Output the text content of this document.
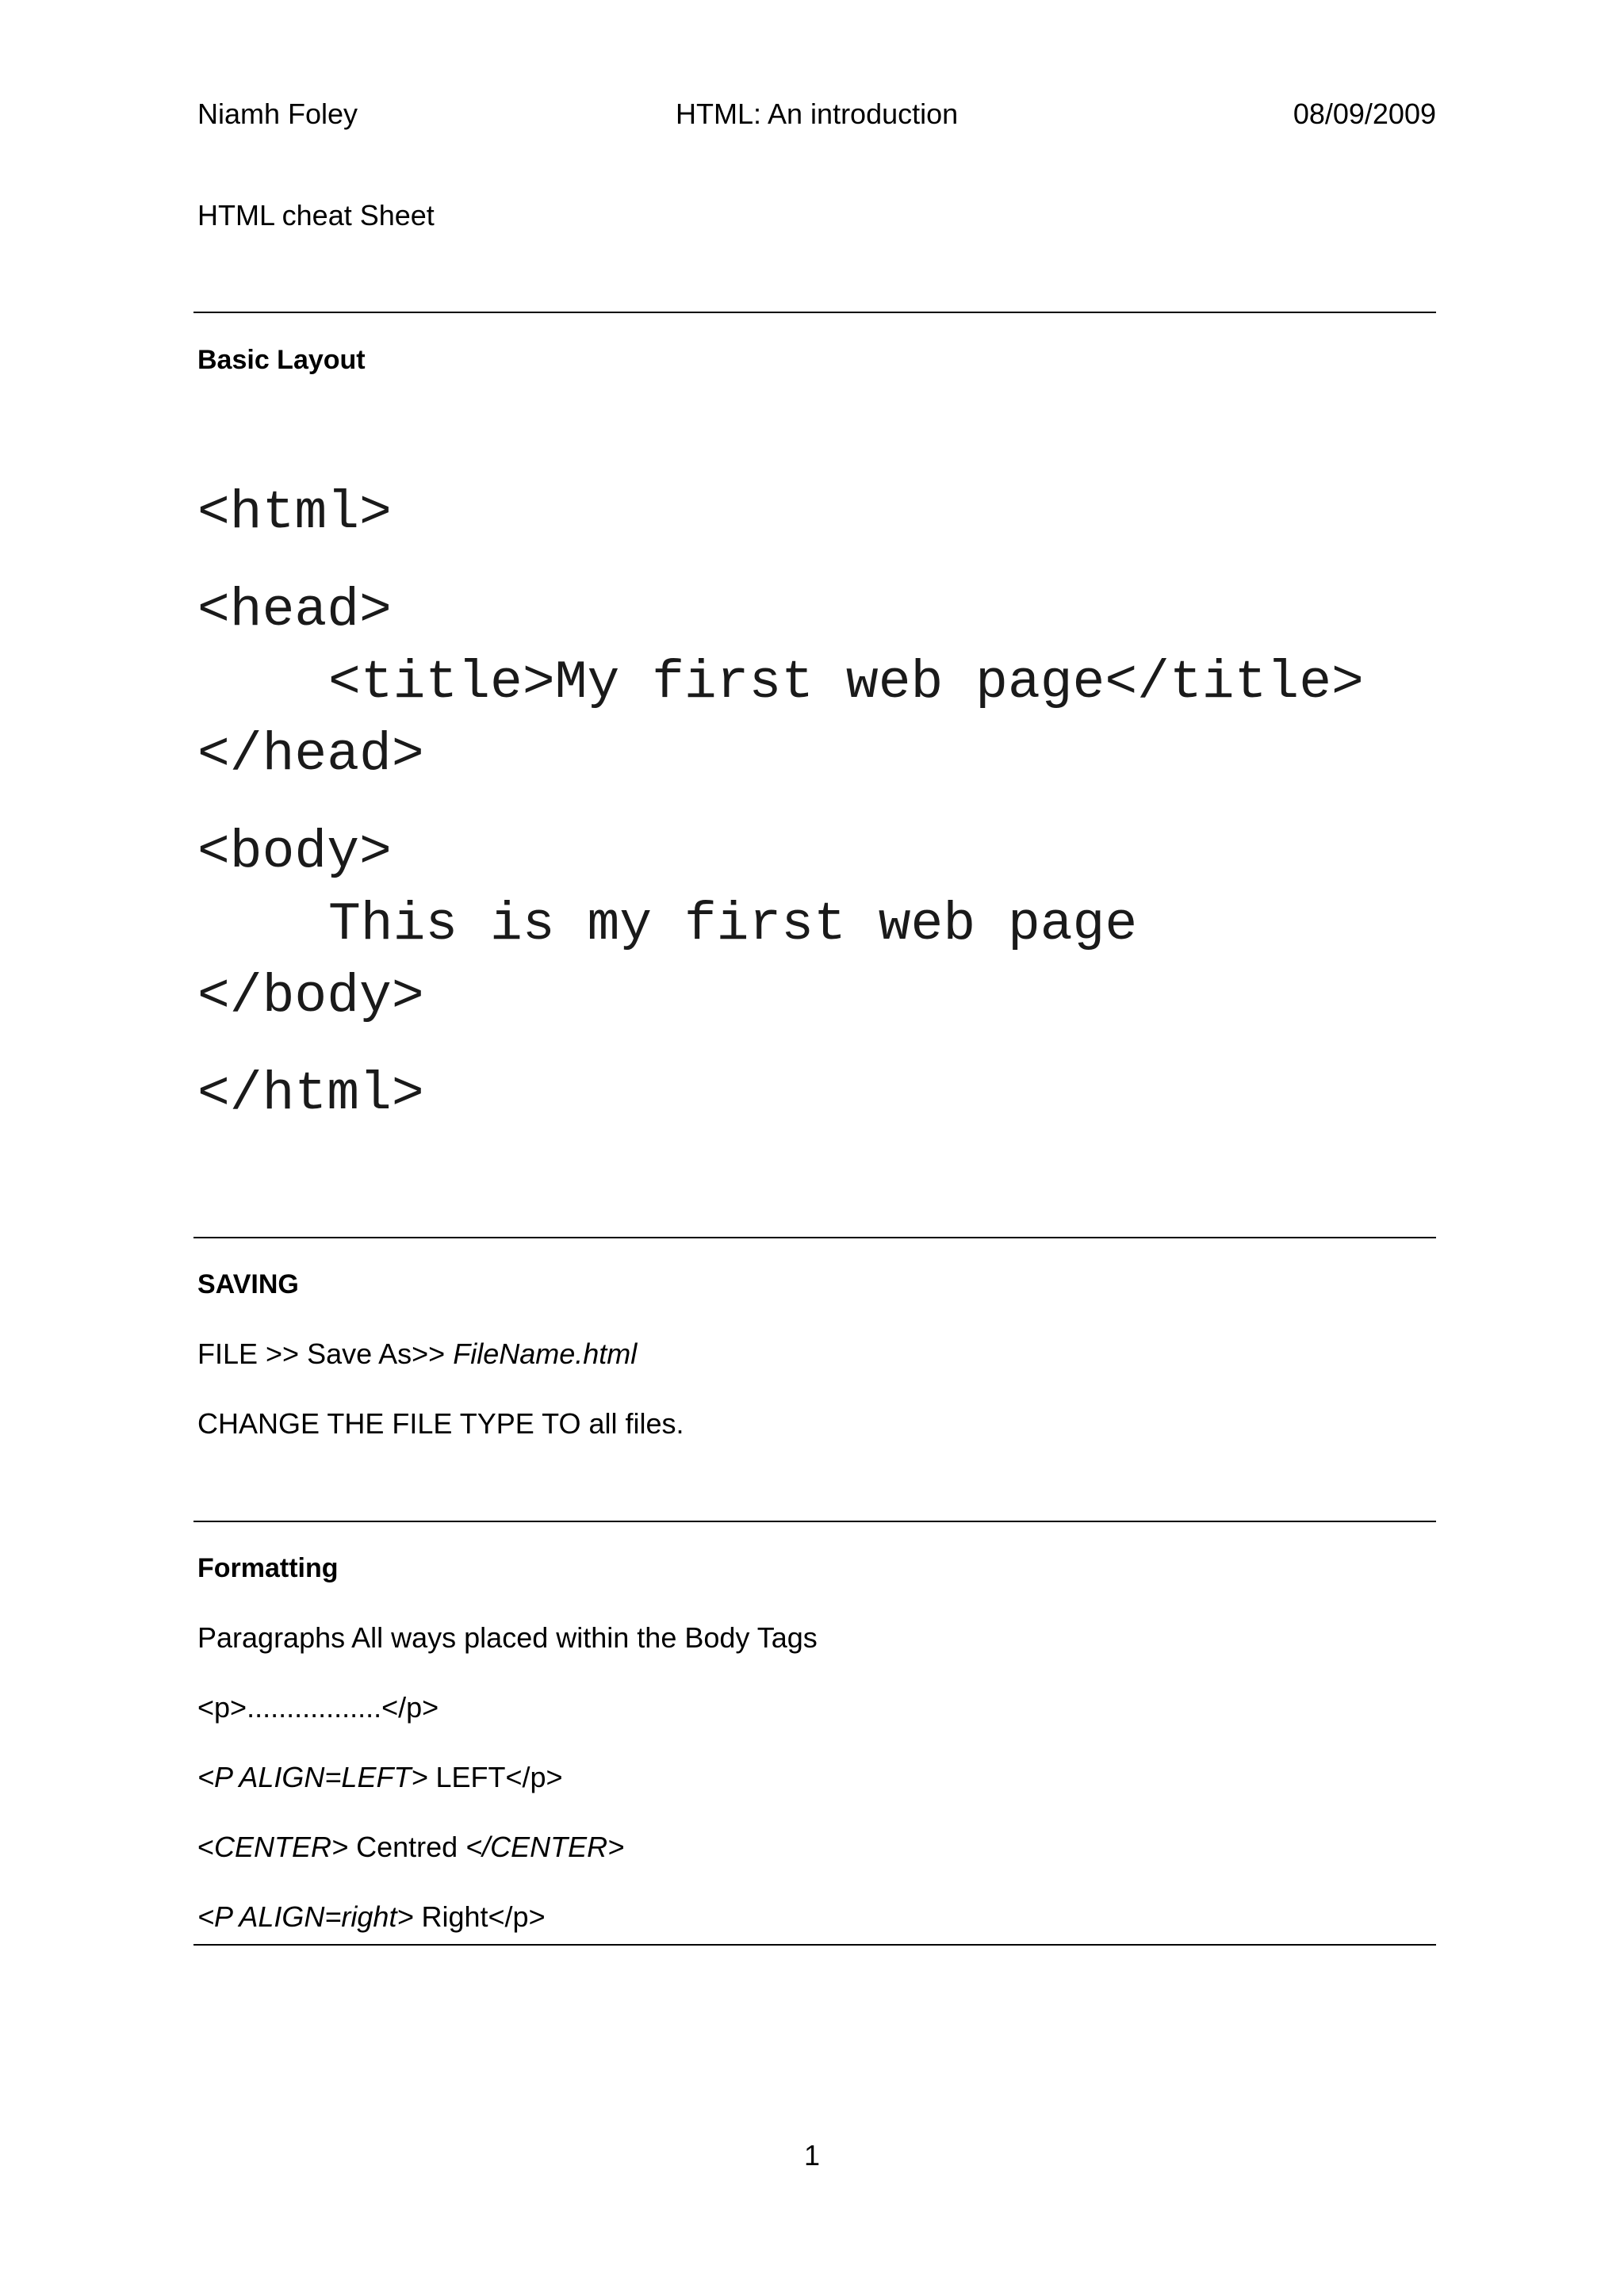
Niamh Foley	HTML: An introduction	08/09/2009
HTML cheat Sheet
Basic Layout
<html>
<head>
<title>My first web page</title>
</head>
<body>
This is my first web page
</body>
</html>
SAVING
FILE >> Save As>> FileName.html
CHANGE THE FILE TYPE TO all files.
Formatting
Paragraphs All ways placed within the Body Tags
<p>.................</p>
<P ALIGN=LEFT> LEFT</p>
<CENTER> Centred </CENTER>
<P ALIGN=right> Right</p>
1
